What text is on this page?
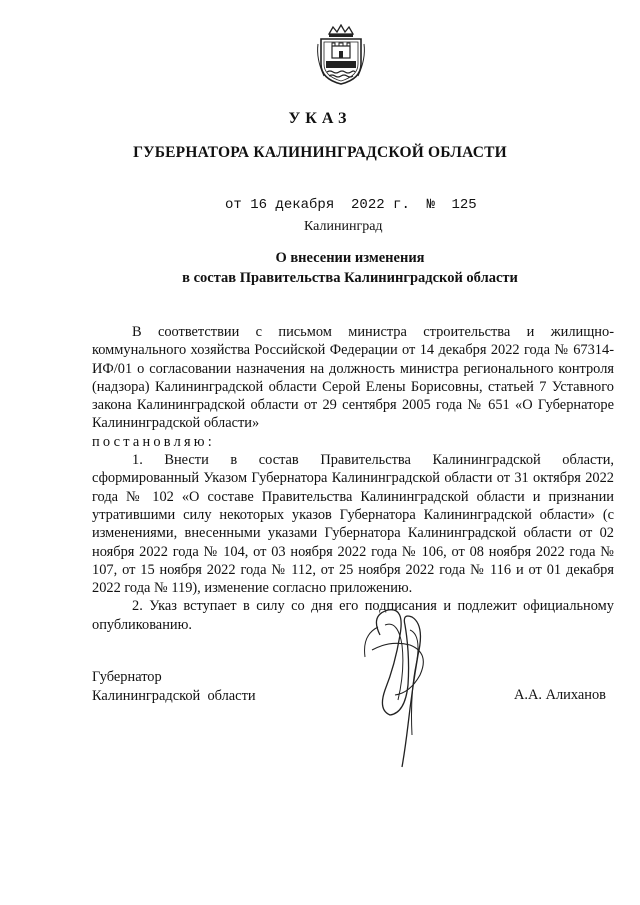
УКАЗ
ГУБЕРНАТОРА КАЛИНИНГРАДСКОЙ ОБЛАСТИ
от 16 декабря  2022 г. № 125
Калининград
О внесении изменения
в состав Правительства Калининградской области

В соответствии с письмом министра строительства и жилищно-коммунального хозяйства Российской Федерации от 14 декабря 2022 года № 67314-ИФ/01 о согласовании назначения на должность министра регионального контроля (надзора) Калининградской области Серой Елены Борисовны, статьей 7 Уставного закона Калининградской области от 29 сентября 2005 года № 651 «О Губернаторе Калининградской области»

постановляю:

1. Внести в состав Правительства Калининградской области, сформированный Указом Губернатора Калининградской области от 31 октября 2022 года № 102 «О составе Правительства Калининградской области и признании утратившими силу некоторых указов Губернатора Калининградской области» (с изменениями, внесенными указами Губернатора Калининградской области от 02 ноября 2022 года № 104, от 03 ноября 2022 года № 106, от 08 ноября 2022 года № 107, от 15 ноября 2022 года № 112, от 25 ноября 2022 года № 116 и от 01 декабря 2022 года № 119), изменение согласно приложению.

2. Указ вступает в силу со дня его подписания и подлежит официальному опубликованию.

Губернатор
Калининградской  области	А.А. Алиханов
